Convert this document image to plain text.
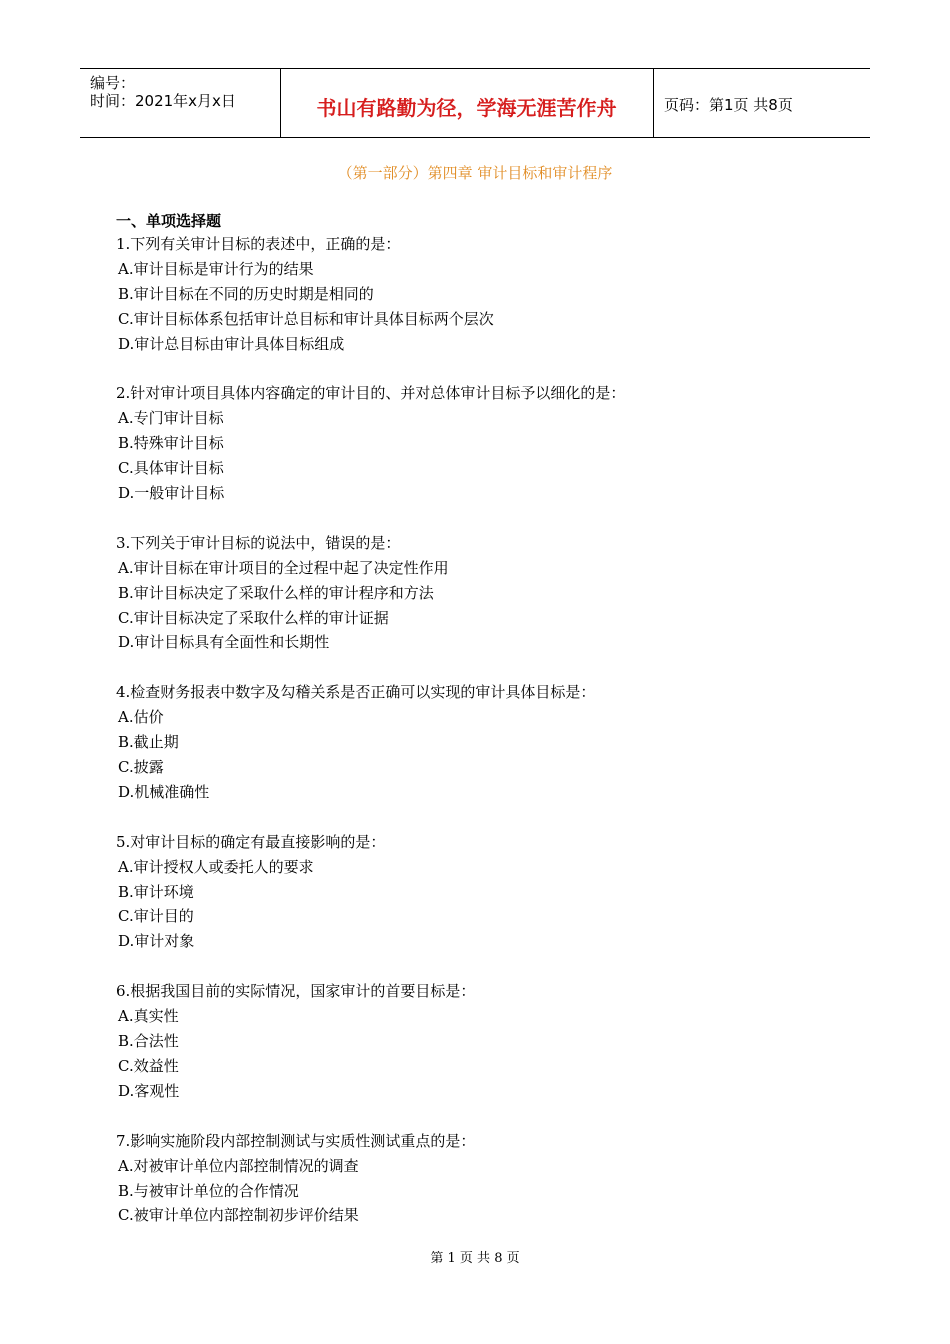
编号：
时间：2021年x月x日	书山有路勤为径，学海无涯苦作舟	页码：第1页 共8页
（第一部分）第四章 审计目标和审计程序
一、单项选择题
1.下列有关审计目标的表述中，正确的是：
A.审计目标是审计行为的结果
B.审计目标在不同的历史时期是相同的
C.审计目标体系包括审计总目标和审计具体目标两个层次
D.审计总目标由审计具体目标组成
2.针对审计项目具体内容确定的审计目的、并对总体审计目标予以细化的是：
A.专门审计目标
B.特殊审计目标
C.具体审计目标
D.一般审计目标
3.下列关于审计目标的说法中，错误的是：
A.审计目标在审计项目的全过程中起了决定性作用
B.审计目标决定了采取什么样的审计程序和方法
C.审计目标决定了采取什么样的审计证据
D.审计目标具有全面性和长期性
4.检查财务报表中数字及勾稽关系是否正确可以实现的审计具体目标是：
A.估价
B.截止期
C.披露
D.机械准确性
5.对审计目标的确定有最直接影响的是：
A.审计授权人或委托人的要求
B.审计环境
C.审计目的
D.审计对象
6.根据我国目前的实际情况，国家审计的首要目标是：
A.真实性
B.合法性
C.效益性
D.客观性
7.影响实施阶段内部控制测试与实质性测试重点的是：
A.对被审计单位内部控制情况的调查
B.与被审计单位的合作情况
C.被审计单位内部控制初步评价结果
第 1 页 共 8 页
